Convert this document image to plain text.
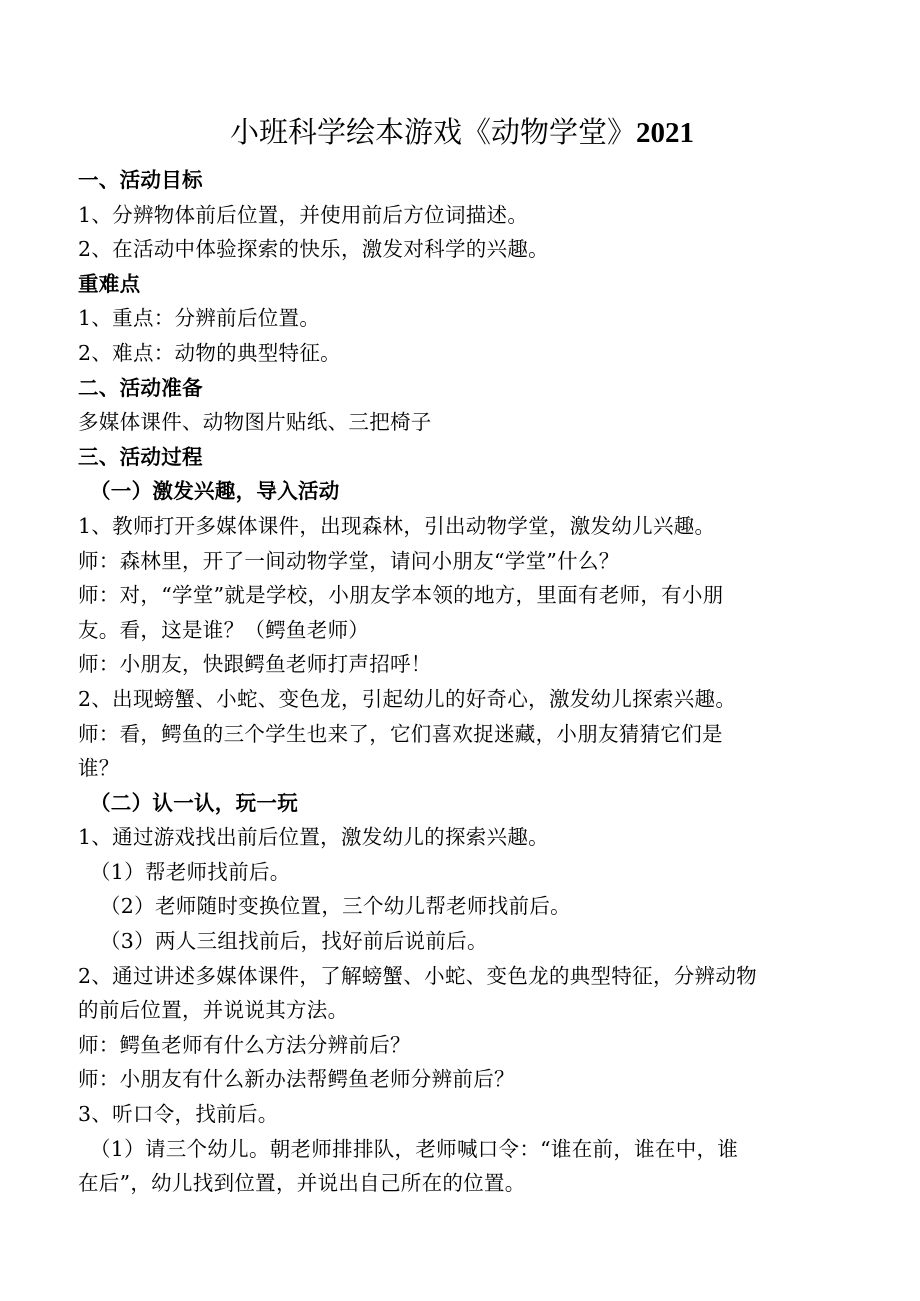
小班科学绘本游戏《动物学堂》2021
一、活动目标
1、分辨物体前后位置，并使用前后方位词描述。
2、在活动中体验探索的快乐，激发对科学的兴趣。
重难点
1、重点：分辨前后位置。
2、难点：动物的典型特征。
二、活动准备
多媒体课件、动物图片贴纸、三把椅子
三、活动过程
（一）激发兴趣，导入活动
1、教师打开多媒体课件，出现森林，引出动物学堂，激发幼儿兴趣。
师：森林里，开了一间动物学堂，请问小朋友“学堂”什么？
师：对，“学堂”就是学校，小朋友学本领的地方，里面有老师，有小朋
友。看，这是谁？（鳄鱼老师）
师：小朋友，快跟鳄鱼老师打声招呼！
2、出现螃蟹、小蛇、变色龙，引起幼儿的好奇心，激发幼儿探索兴趣。
师：看，鳄鱼的三个学生也来了，它们喜欢捉迷藏，小朋友猜猜它们是
谁？
（二）认一认，玩一玩
1、通过游戏找出前后位置，激发幼儿的探索兴趣。
（1）帮老师找前后。
（2）老师随时变换位置，三个幼儿帮老师找前后。
（3）两人三组找前后，找好前后说前后。
2、通过讲述多媒体课件，了解螃蟹、小蛇、变色龙的典型特征，分辨动物
的前后位置，并说说其方法。
师：鳄鱼老师有什么方法分辨前后？
师：小朋友有什么新办法帮鳄鱼老师分辨前后？
3、听口令，找前后。
（1）请三个幼儿。朝老师排排队，老师喊口令：“谁在前，谁在中，谁
在后”，幼儿找到位置，并说出自己所在的位置。
